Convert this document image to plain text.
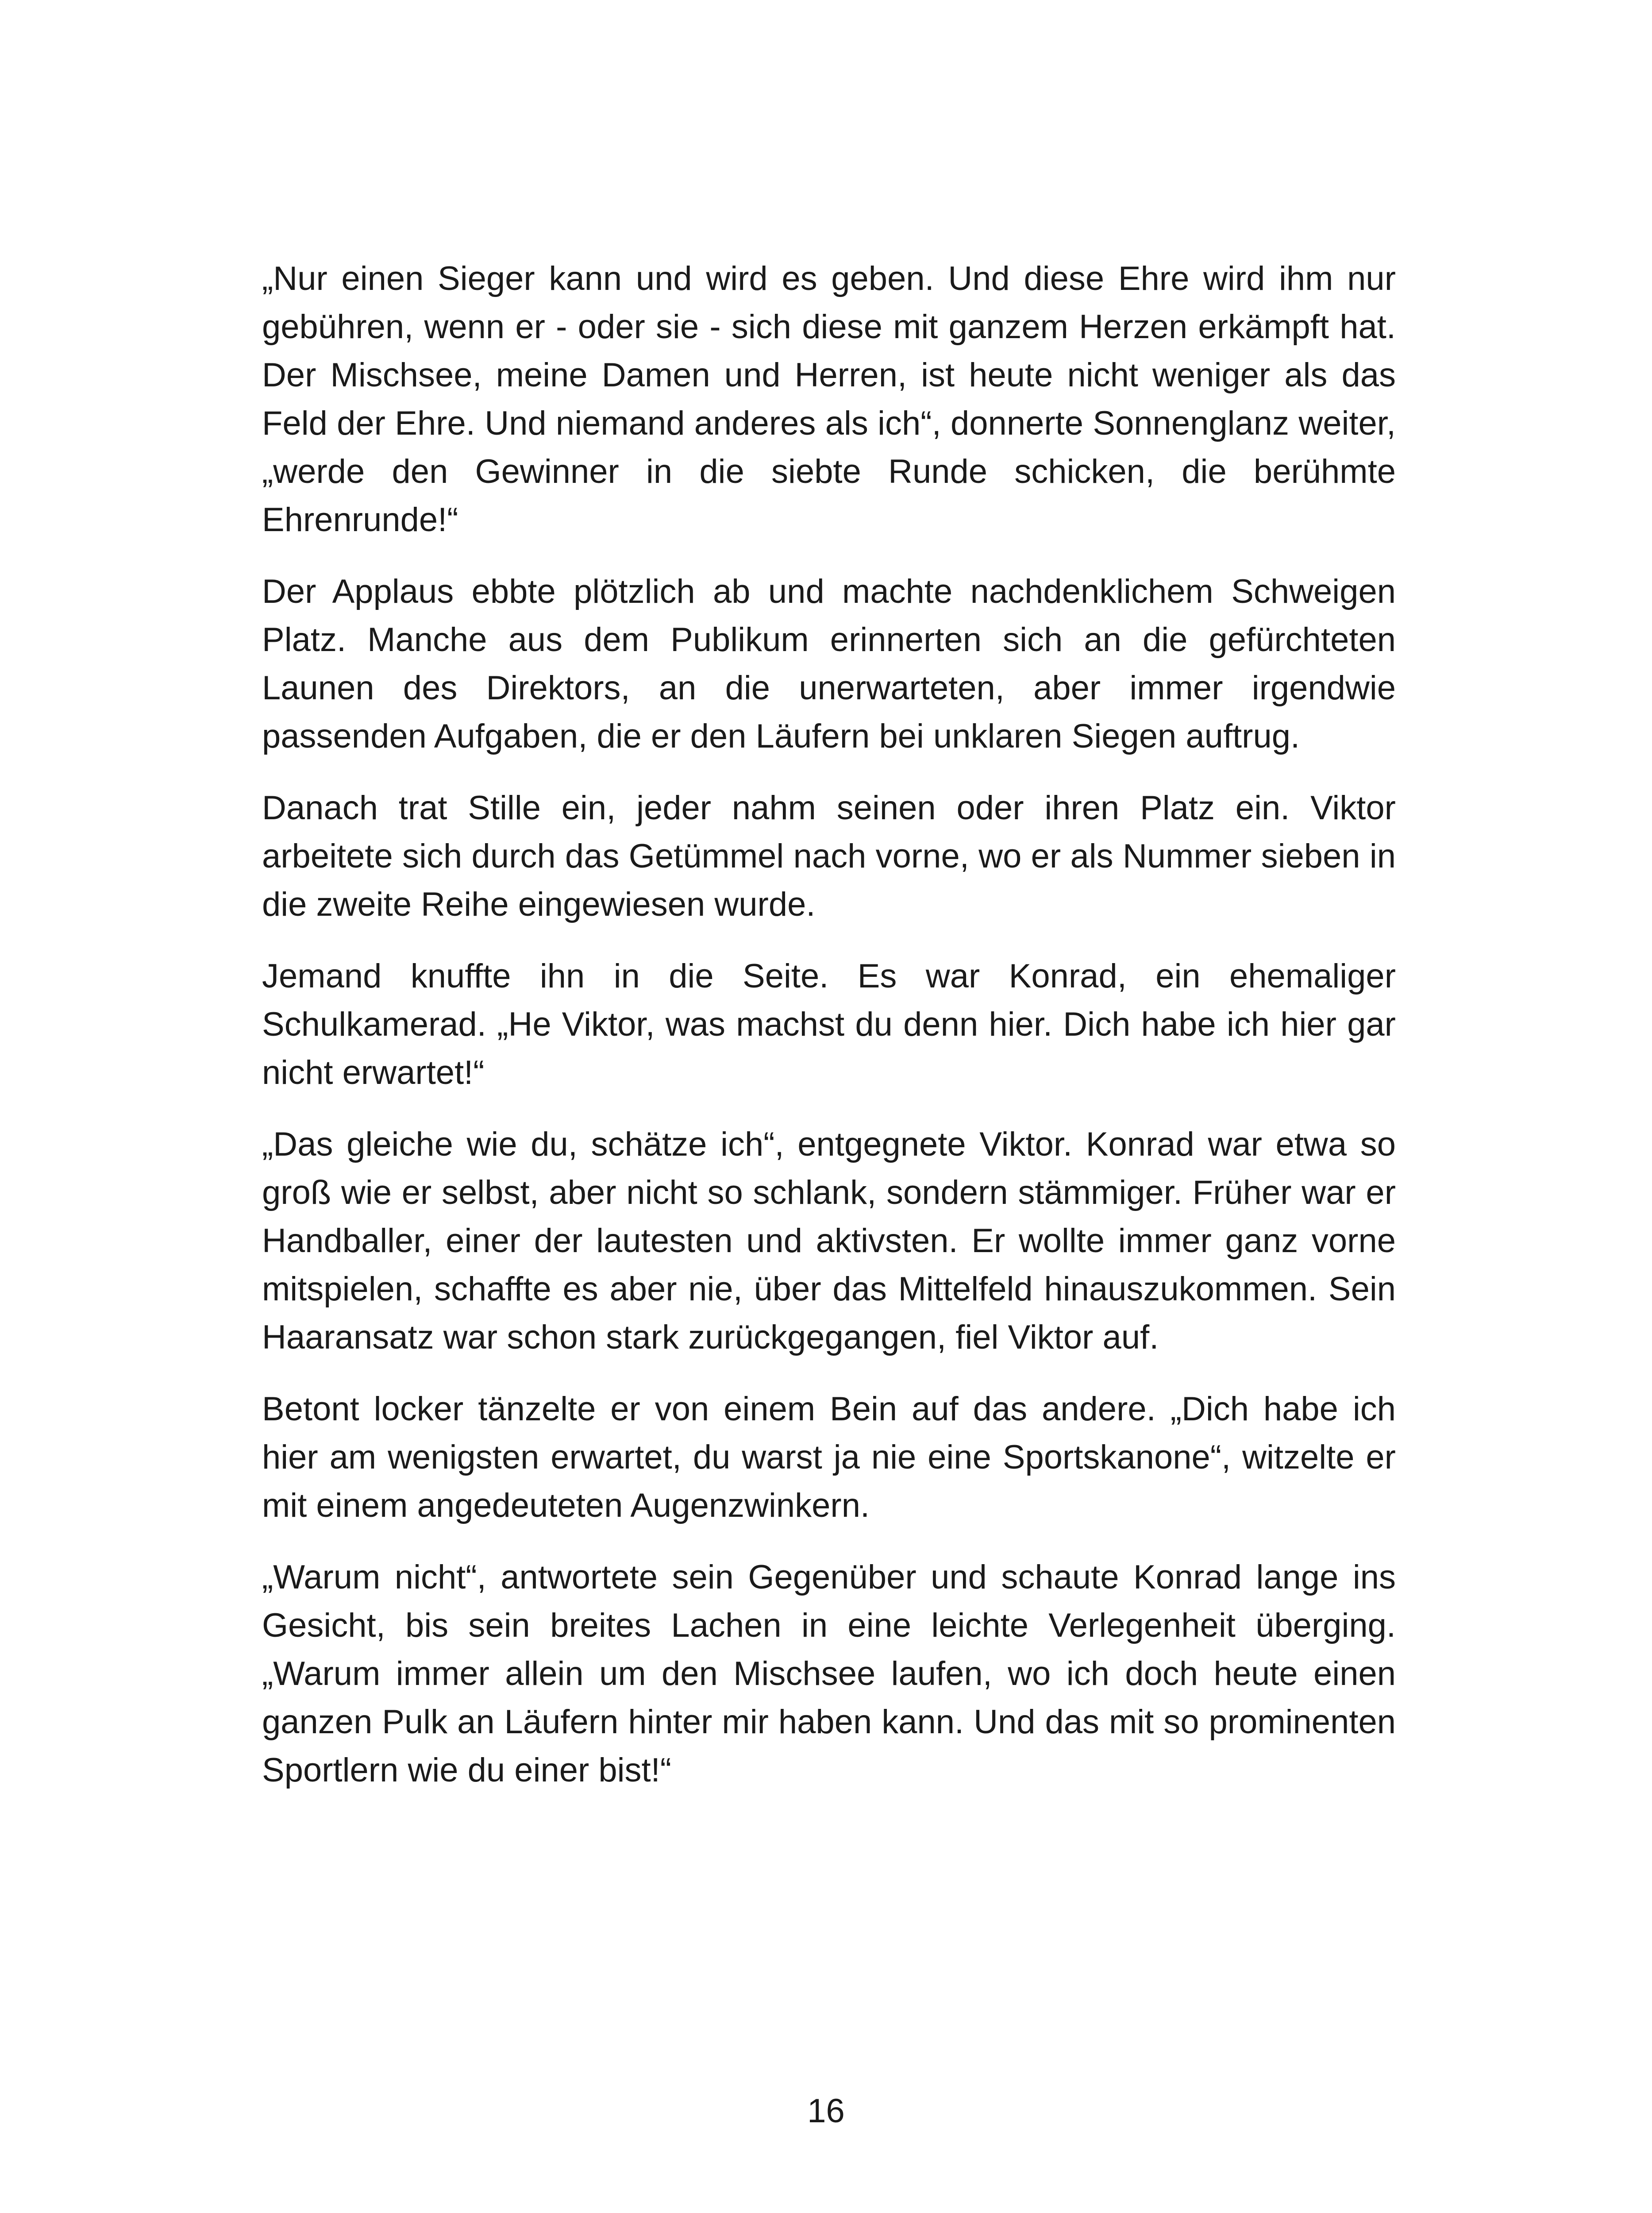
„Nur einen Sieger kann und wird es geben. Und diese Ehre wird ihm nur gebühren, wenn er - oder sie - sich diese mit ganzem Herzen erkämpft hat. Der Mischsee, meine Damen und Herren, ist heute nicht weniger als das Feld der Ehre. Und niemand anderes als ich“, donnerte Sonnenglanz weiter, „werde den Gewinner in die siebte Runde schicken, die berühmte Ehrenrunde!“

Der Applaus ebbte plötzlich ab und machte nachdenklichem Schweigen Platz. Manche aus dem Publikum erinnerten sich an die gefürchteten Launen des Direktors, an die unerwarteten, aber immer irgendwie passenden Aufgaben, die er den Läufern bei unklaren Siegen auftrug.

Danach trat Stille ein, jeder nahm seinen oder ihren Platz ein. Viktor arbeitete sich durch das Getümmel nach vorne, wo er als Nummer sieben in die zweite Reihe eingewiesen wurde.

Jemand knuffte ihn in die Seite. Es war Konrad, ein ehemaliger Schulkamerad. „He Viktor, was machst du denn hier. Dich habe ich hier gar nicht erwartet!“

„Das gleiche wie du, schätze ich“, entgegnete Viktor. Konrad war etwa so groß wie er selbst, aber nicht so schlank, sondern stämmiger. Früher war er Handballer, einer der lautesten und aktivsten. Er wollte immer ganz vorne mitspielen, schaffte es aber nie, über das Mittelfeld hinauszukommen. Sein Haaransatz war schon stark zurückgegangen, fiel Viktor auf.

Betont locker tänzelte er von einem Bein auf das andere. „Dich habe ich hier am wenigsten erwartet, du warst ja nie eine Sportskanone“, witzelte er mit einem angedeuteten Augenzwinkern.

„Warum nicht“, antwortete sein Gegenüber und schaute Konrad lange ins Gesicht, bis sein breites Lachen in eine leichte Verlegenheit überging. „Warum immer allein um den Mischsee laufen, wo ich doch heute einen ganzen Pulk an Läufern hinter mir haben kann. Und das mit so prominenten Sportlern wie du einer bist!“

16
